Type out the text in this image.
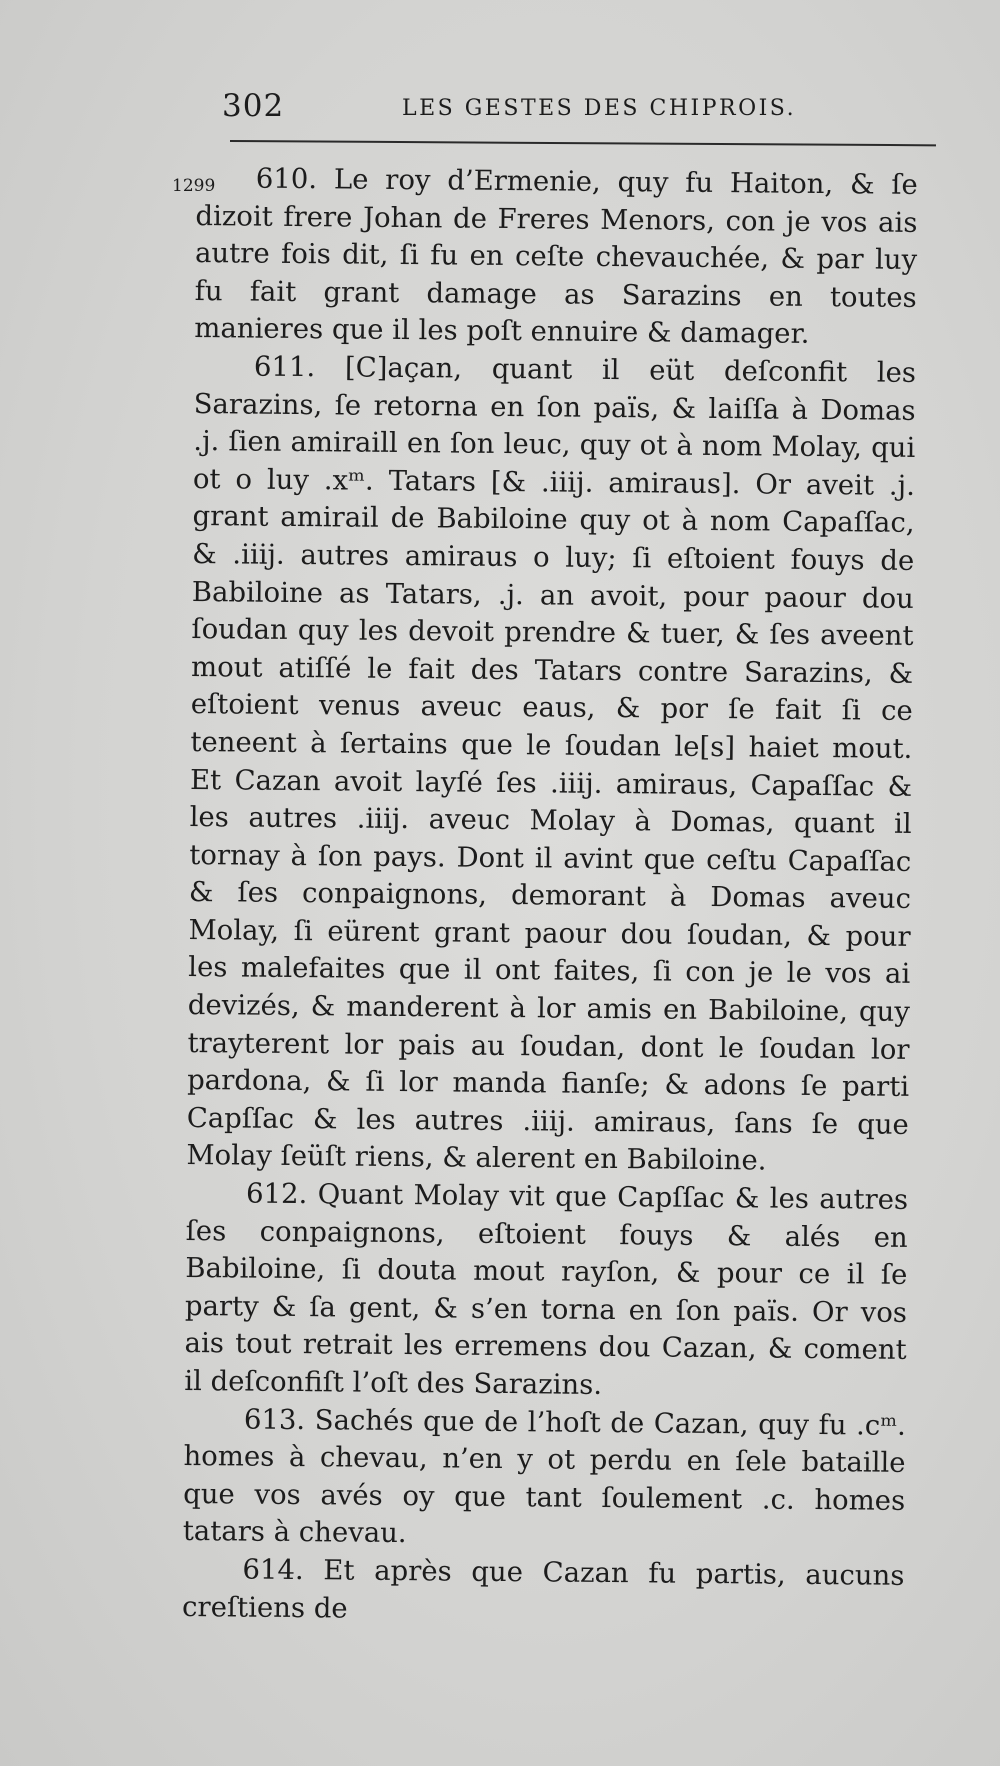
302	LES GESTES DES CHIPROIS.
1299	610. Le roy d’Ermenie, quy fu Haiton, & ſe dizoit frere Johan de Freres Menors, con je vos ais autre fois dit, ſi fu en ceſte chevauchée, & par luy fu fait grant damage as Sarazins en toutes manieres que il les poſt ennuire & damager.

611. [C]açan, quant il eüt deſconfit les Sarazins, ſe retorna en ſon païs, & laiſſa à Domas .j. ſien amiraill en ſon leuc, quy ot à nom Molay, qui ot o luy .xᵐ. Tatars [& .iiij. amiraus]. Or aveit .j. grant amirail de Babiloine quy ot à nom Capaſſac, & .iiij. autres amiraus o luy; ſi eſtoient fouys de Babiloine as Tatars, .j. an avoit, pour paour dou ſoudan quy les devoit prendre & tuer, & ſes aveent mout atiſſé le fait des Tatars contre Sarazins, & eſtoient venus aveuc eaus, & por ſe fait ſi ce teneent à ſertains que le ſoudan le[s] haiet mout. Et Cazan avoit layſé ſes .iiij. amiraus, Capaſſac & les autres .iiij. aveuc Molay à Domas, quant il tornay à ſon pays. Dont il avint que ceſtu Capaſſac & ſes conpaignons, demorant à Domas aveuc Molay, ſi eürent grant paour dou ſoudan, & pour les malefaites que il ont faites, ſi con je le vos ai devizés, & manderent à lor amis en Babiloine, quy trayterent lor pais au ſoudan, dont le ſoudan lor pardona, & ſi lor manda fianſe; & adons ſe parti Capſſac & les autres .iiij. amiraus, ſans ſe que Molay ſeüſt riens, & alerent en Babiloine.

612. Quant Molay vit que Capſſac & les autres ſes conpaignons, eſtoient fouys & alés en Babiloine, ſi douta mout rayſon, & pour ce il ſe party & ſa gent, & s’en torna en ſon païs. Or vos ais tout retrait les erremens dou Cazan, & coment il deſconfiſt l’oſt des Sarazins.

613. Sachés que de l’hoſt de Cazan, quy fu .cᵐ. homes à chevau, n’en y ot perdu en ſele bataille que vos avés oy que tant ſoulement .c. homes tatars à chevau.

614. Et après que Cazan fu partis, aucuns creſtiens de
